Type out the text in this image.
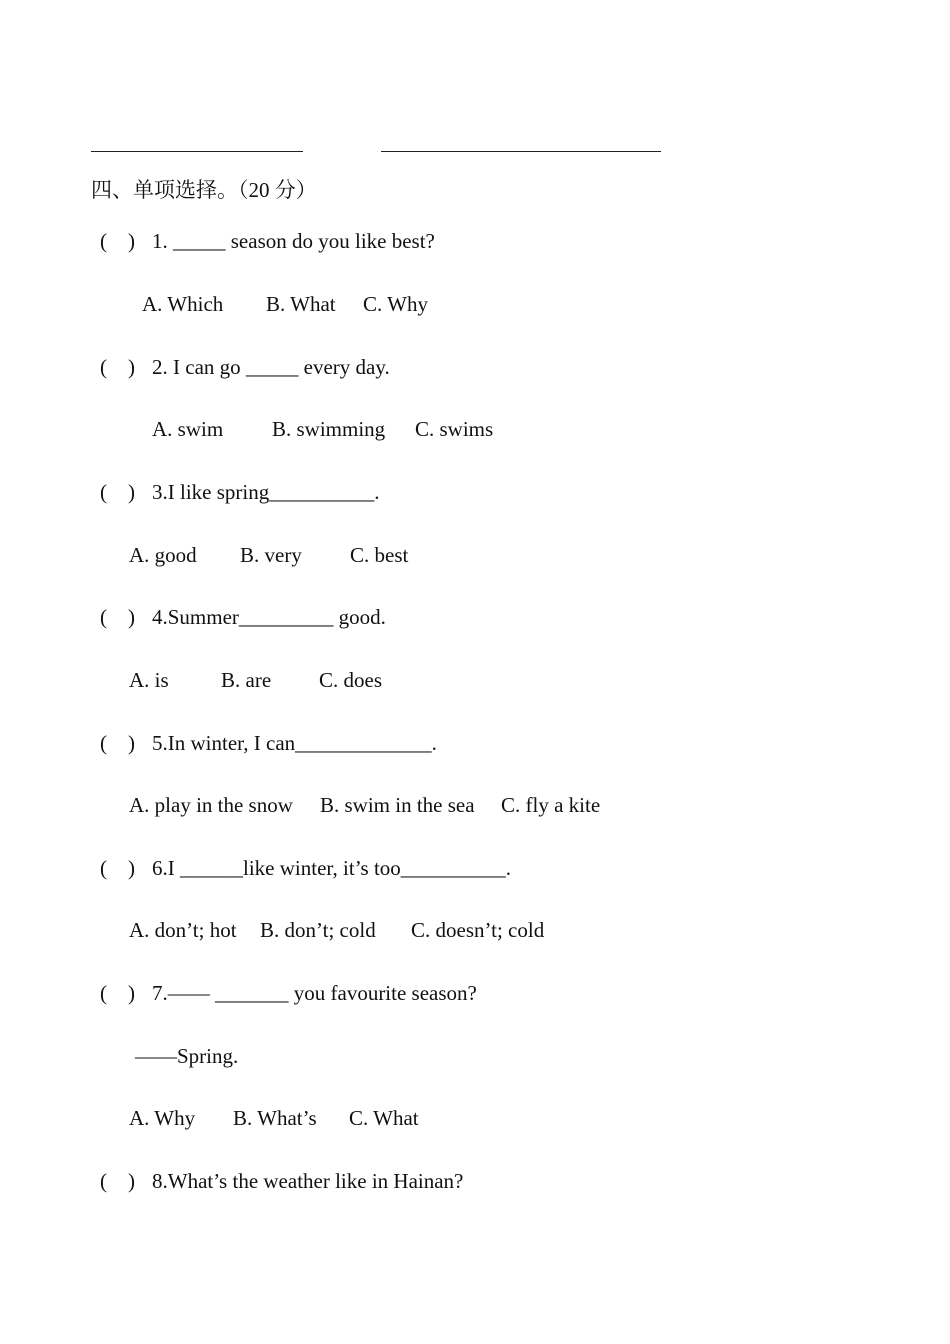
四、单项选择。（20 分）
(    ) 1. _____ season do you like best?
A. Which B. What C. Why
(    ) 2. I can go _____ every day.
A. swim B. swimming C. swims
(    ) 3.I like spring__________.
A. good B. very C. best
(    ) 4.Summer_________ good.
A. is B. are C. does
(    ) 5.In winter, I can_____________.
A. play in the snow B. swim in the sea C. fly a kite
(    ) 6.I ______like winter, it’s too__________.
A. don’t; hot B. don’t; cold C. doesn’t; cold
(    ) 7.—— _______ you favourite season?
——Spring.
A. Why B. What’s C. What
(    ) 8.What’s the weather like in Hainan?
